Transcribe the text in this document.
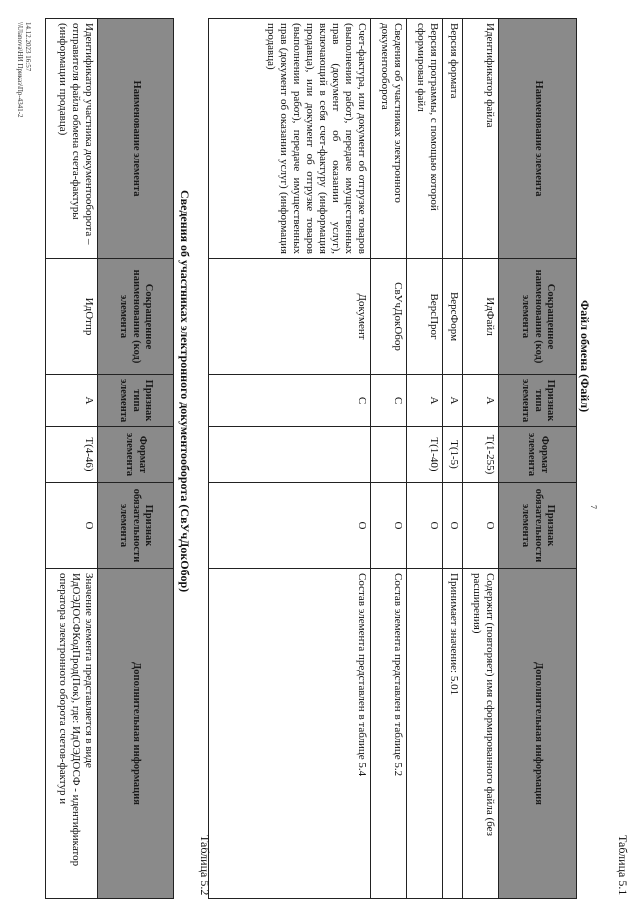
Таблица 5.1
Файл обмена (Файл)
7
Наименование элемента	Сокращенное наименование (код) элемента	Признак типа элемента	Формат элемента	Признак обязательности элемента	Дополнительная информация
Идентификатор файла	ИдФайл	А	Т(1-255)	О	Содержит (повторяет) имя сформированного файла (без расширения)
Версия формата	ВерсФорм	А	Т(1-5)	О	Принимает значение: 5.01
Версия программы, с помощью которой сформирован файл	ВерсПрог	А	Т(1-40)	О	
Сведения об участниках электронного документооборота	СвУчДокОбор	С		О	Состав элемента представлен в таблице 5.2
Счет-фактура, или документ об отгрузке товаров (выполнении работ), передаче имущественных прав (документ об оказании услуг), включающий в себя счет-фактуру (информация продавца), или документ об отгрузке товаров (выполнении работ), передаче имущественных прав (документ об оказании услуг) (информация продавца)	Документ	С		О	Состав элемента представлен в таблице 5.4
Таблица 5.2
Сведения об участниках электронного документооборота (СвУчДокОбор)
Наименование элемента	Сокращенное наименование (код) элемента	Признак типа элемента	Формат элемента	Признак обязательности элемента	Дополнительная информация
Идентификатор участника документооборота – отправителя файла обмена счета-фактуры (информации продавца)	ИдОтпр	А	Т(4-46)	О	Значение элемента представляется в виде ИдОЭДОСФКодПрод(Пок), где: ИдОЭДОСФ - идентификатор оператора электронного оборота счетов-фактур и
14.12.2023 16:57
\\Ulanova\НИ Приказ\Пр-4341-2
